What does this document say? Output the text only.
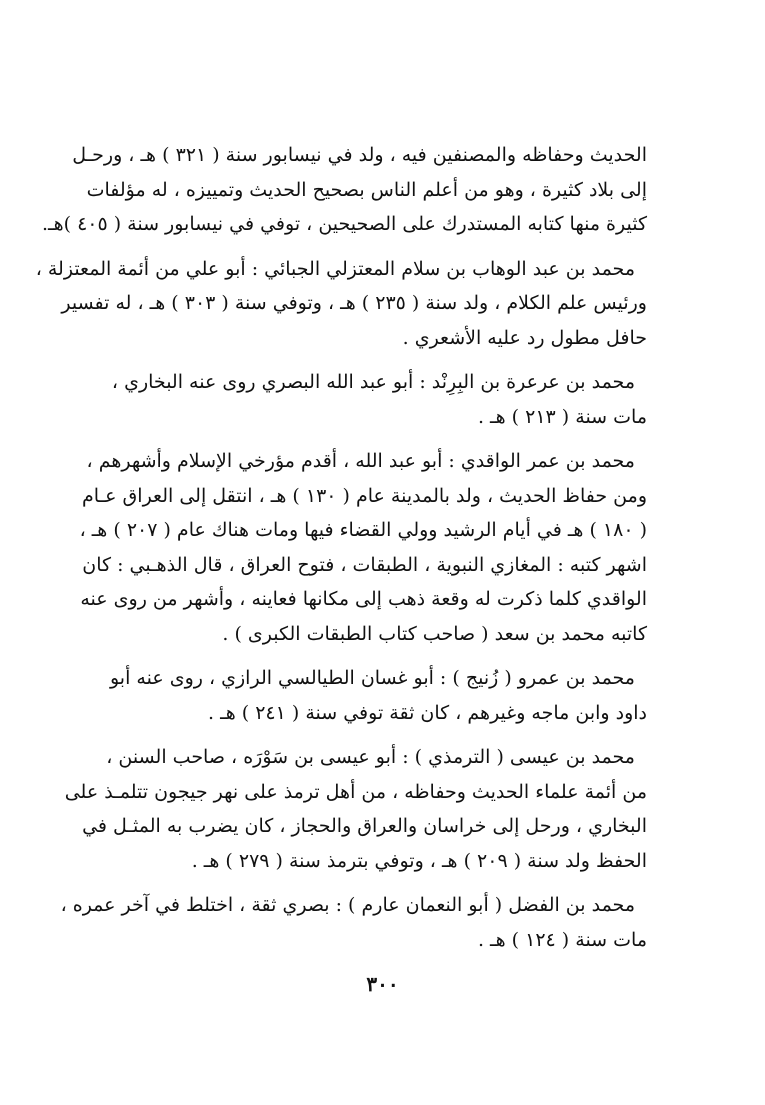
الحديث وحفاظه والمصنفين فيه ، ولد في نيسابور سنة ( ٣٢١ ) هـ ، ورحـل
إلى بلاد كثيرة ، وهو من أعلم الناس بصحيح الحديث وتمييزه ، له مؤلفات
كثيرة منها كتابه المستدرك على الصحيحين ، توفي في نيسابور سنة ( ٤٠٥ )هـ.
محمد بن عبد الوهاب بن سلام المعتزلي الجبائي : أبو علي من أئمة المعتزلة ،
ورئيس علم الكلام ، ولد سنة ( ٢٣٥ ) هـ ، وتوفي سنة ( ٣٠٣ ) هـ ، له تفسير
حافل مطول رد عليه الأشعري .
محمد بن عرعرة بن البِرِنْد : أبو عبد الله البصري روى عنه البخاري ،
مات سنة ( ٢١٣ ) هـ .
محمد بن عمر الواقدي : أبو عبد الله ، أقدم مؤرخي الإسلام وأشهرهم ،
ومن حفاظ الحديث ، ولد بالمدينة عام ( ١٣٠ ) هـ ، انتقل إلى العراق عـام
( ١٨٠ ) هـ في أيام الرشيد وولي القضاء فيها ومات هناك عام ( ٢٠٧ ) هـ ،
اشهر كتبه : المغازي النبوية ، الطبقات ، فتوح العراق ، قال الذهـبي : كان
الواقدي كلما ذكرت له وقعة ذهب إلى مكانها فعاينه ، وأشهر من روى عنه
كاتبه محمد بن سعد ( صاحب كتاب الطبقات الكبرى ) .
محمد بن عمرو ( زُنيج ) : أبو غسان الطيالسي الرازي ، روى عنه أبو
داود وابن ماجه وغيرهم ، كان ثقة توفي سنة ( ٢٤١ ) هـ .
محمد بن عيسى ( الترمذي ) : أبو عيسى بن سَوْرَه ، صاحب السنن ،
من أئمة علماء الحديث وحفاظه ، من أهل ترمذ على نهر جيجون تتلمـذ على
البخاري ، ورحل إلى خراسان والعراق والحجاز ، كان يضرب به المثـل في
الحفظ ولد سنة ( ٢٠٩ ) هـ ، وتوفي بترمذ سنة ( ٢٧٩ ) هـ .
محمد بن الفضل ( أبو النعمان عارم ) : بصري ثقة ، اختلط في آخر عمره ،
مات سنة ( ١٢٤ ) هـ .
٣٠٠
